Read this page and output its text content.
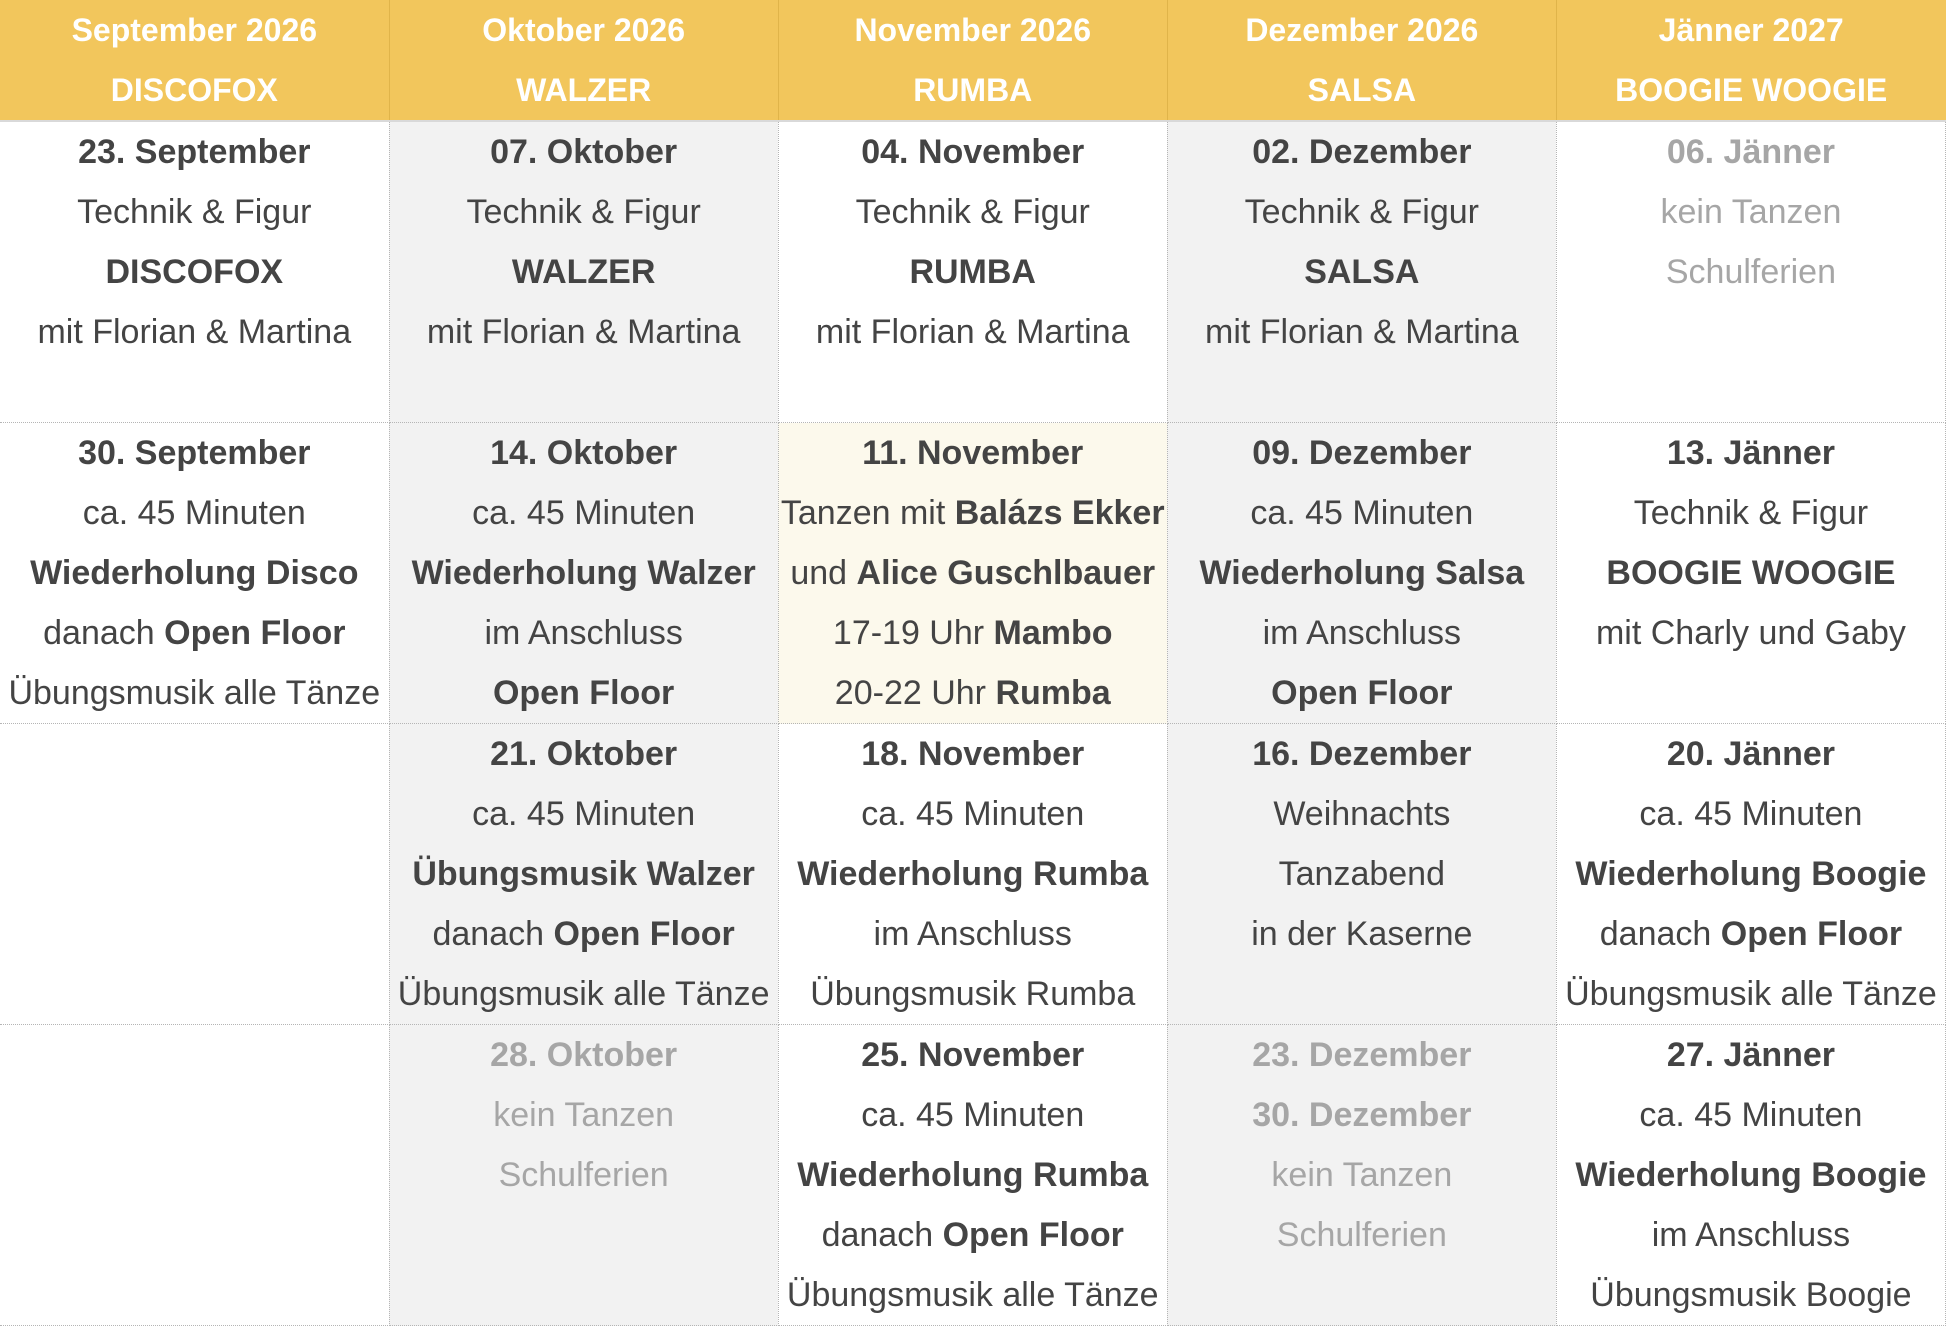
September 2026
DISCOFOX	Oktober 2026
WALZER	November 2026
RUMBA	Dezember 2026
SALSA	Jänner 2027
BOOGIE WOOGIE

23. September
Technik & Figur
DISCOFOX
mit Florian & Martina	07. Oktober
Technik & Figur
WALZER
mit Florian & Martina	04. November
Technik & Figur
RUMBA
mit Florian & Martina	02. Dezember
Technik & Figur
SALSA
mit Florian & Martina	06. Jänner
kein Tanzen
Schulferien

30. September
ca. 45 Minuten
Wiederholung Disco
danach Open Floor
Übungsmusik alle Tänze	14. Oktober
ca. 45 Minuten
Wiederholung Walzer
im Anschluss
Open Floor	11. November
Tanzen mit Balázs Ekker
und Alice Guschlbauer
17-19 Uhr Mambo
20-22 Uhr Rumba	09. Dezember
ca. 45 Minuten
Wiederholung Salsa
im Anschluss
Open Floor	13. Jänner
Technik & Figur
BOOGIE WOOGIE
mit Charly und Gaby

	21. Oktober
ca. 45 Minuten
Übungsmusik Walzer
danach Open Floor
Übungsmusik alle Tänze	18. November
ca. 45 Minuten
Wiederholung Rumba
im Anschluss
Übungsmusik Rumba	16. Dezember
Weihnachts
Tanzabend
in der Kaserne	20. Jänner
ca. 45 Minuten
Wiederholung Boogie
danach Open Floor
Übungsmusik alle Tänze

	28. Oktober
kein Tanzen
Schulferien	25. November
ca. 45 Minuten
Wiederholung Rumba
danach Open Floor
Übungsmusik alle Tänze	23. Dezember
30. Dezember
kein Tanzen
Schulferien	27. Jänner
ca. 45 Minuten
Wiederholung Boogie
im Anschluss
Übungsmusik Boogie
